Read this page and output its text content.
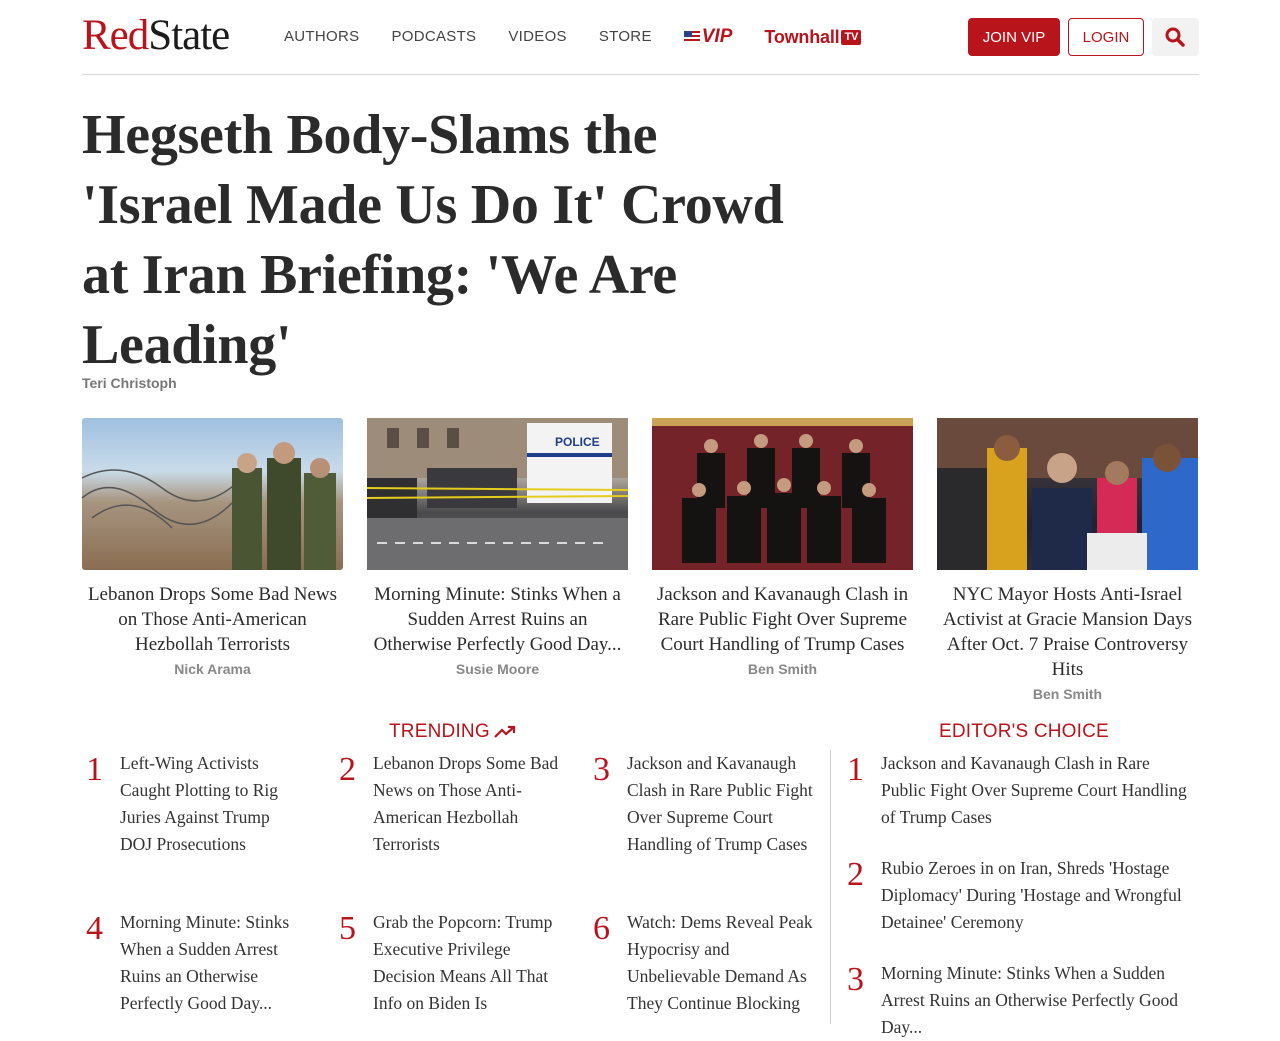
RedState	AUTHORS PODCASTS VIDEOS STORE	VIP Townhall TV	JOIN VIP	LOGIN
Hegseth Body-Slams the 'Israel Made Us Do It' Crowd at Iran Briefing: 'We Are Leading'
Teri Christoph
Lebanon Drops Some Bad News on Those Anti-American Hezbollah Terrorists
Nick Arama
POLICE
Morning Minute: Stinks When a Sudden Arrest Ruins an Otherwise Perfectly Good Day...
Susie Moore
Jackson and Kavanaugh Clash in Rare Public Fight Over Supreme Court Handling of Trump Cases
Ben Smith
NYC Mayor Hosts Anti-Israel Activist at Gracie Mansion Days After Oct. 7 Praise Controversy Hits
Ben Smith
TRENDING	EDITOR'S CHOICE
1 Left-Wing Activists Caught Plotting to Rig Juries Against Trump DOJ Prosecutions
2 Lebanon Drops Some Bad News on Those Anti-American Hezbollah Terrorists
3 Jackson and Kavanaugh Clash in Rare Public Fight Over Supreme Court Handling of Trump Cases
4 Morning Minute: Stinks When a Sudden Arrest Ruins an Otherwise Perfectly Good Day...
5 Grab the Popcorn: Trump Executive Privilege Decision Means All That Info on Biden Is
6 Watch: Dems Reveal Peak Hypocrisy and Unbelievable Demand As They Continue Blocking
1 Jackson and Kavanaugh Clash in Rare Public Fight Over Supreme Court Handling of Trump Cases
2 Rubio Zeroes in on Iran, Shreds 'Hostage Diplomacy' During 'Hostage and Wrongful Detainee' Ceremony
3 Morning Minute: Stinks When a Sudden Arrest Ruins an Otherwise Perfectly Good Day...
